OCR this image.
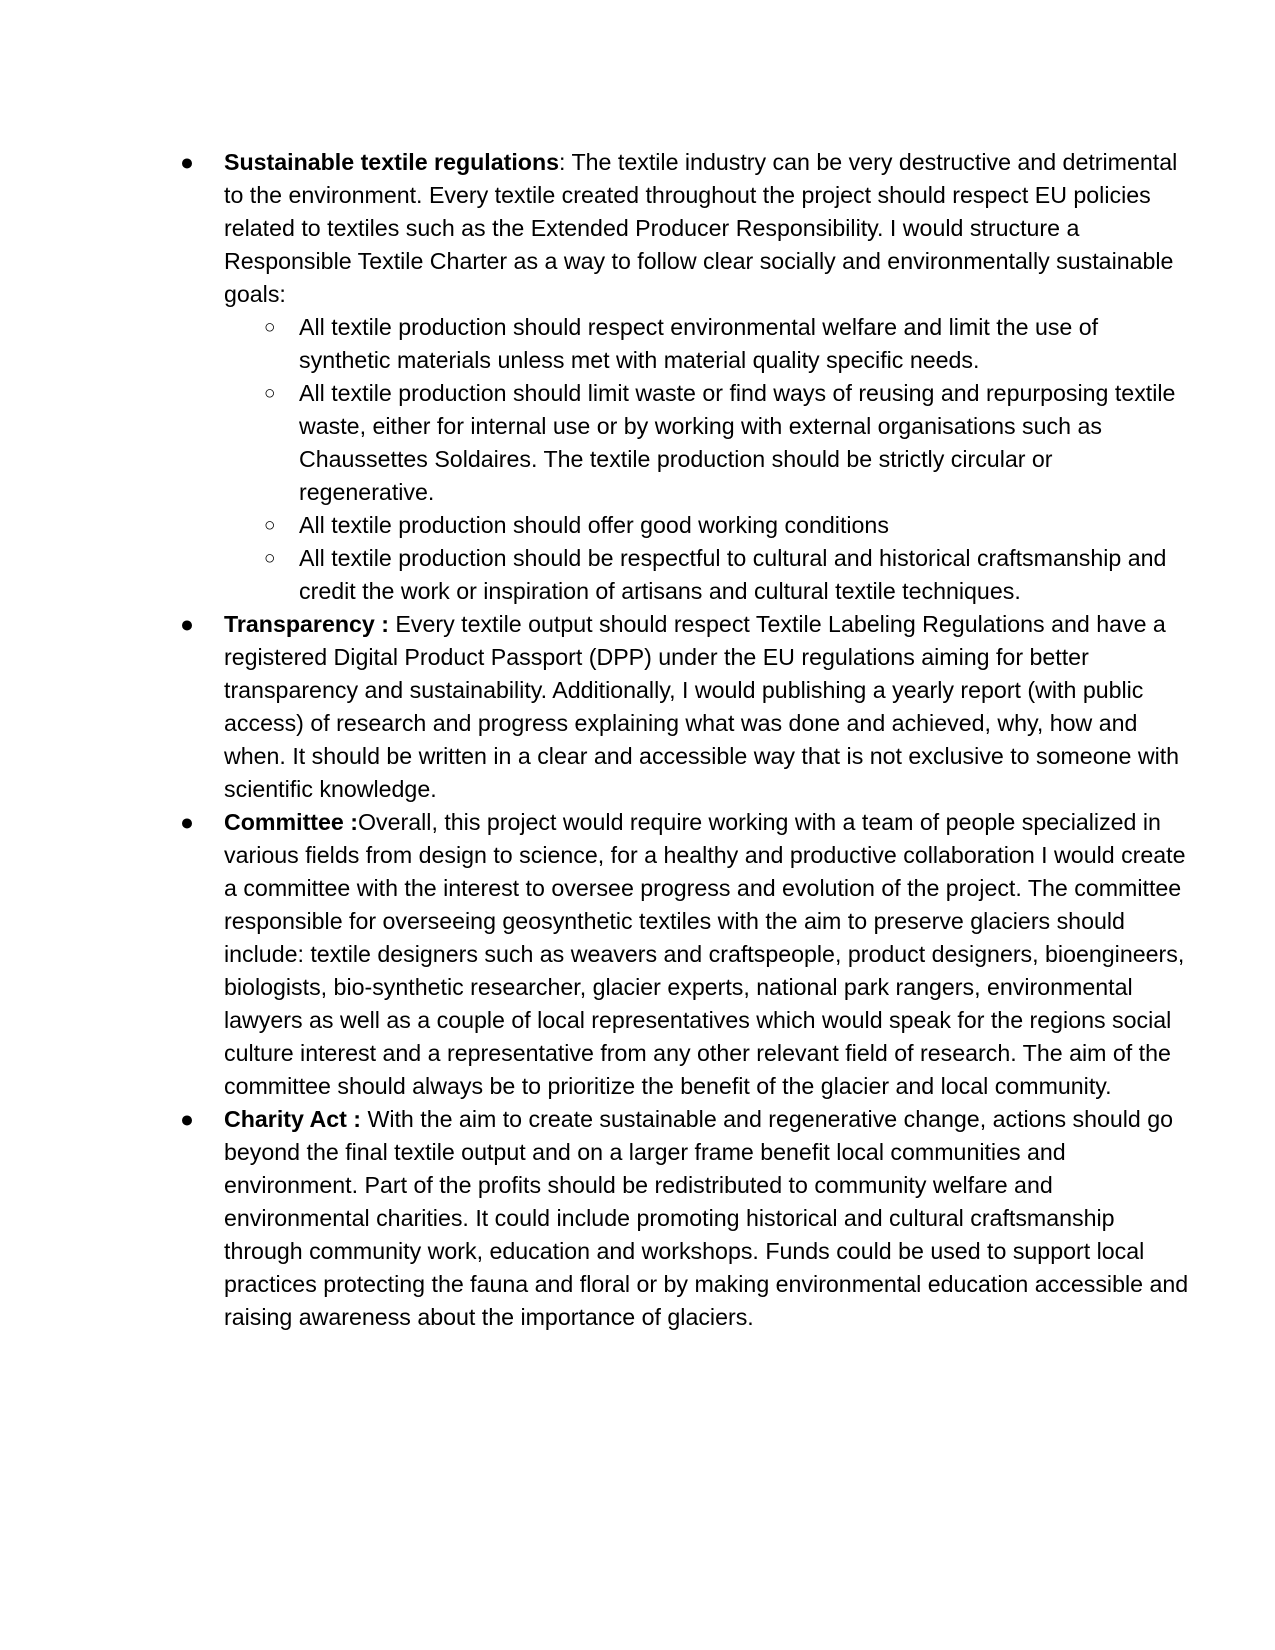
● Sustainable textile regulations: The textile industry can be very destructive and detrimental to the environment. Every textile created throughout the project should respect EU policies related to textiles such as the Extended Producer Responsibility. I would structure a Responsible Textile Charter as a way to follow clear socially and environmentally sustainable goals:
○	All textile production should respect environmental welfare and limit the use of synthetic materials unless met with material quality specific needs.
○	All textile production should limit waste or find ways of reusing and repurposing textile waste, either for internal use or by working with external organisations such as Chaussettes Soldaires. The textile production should be strictly circular or regenerative.
○	All textile production should offer good working conditions
○	All textile production should be respectful to cultural and historical craftsmanship and credit the work or inspiration of artisans and cultural textile techniques.
● Transparency : Every textile output should respect Textile Labeling Regulations and have a registered Digital Product Passport (DPP) under the EU regulations aiming for better transparency and sustainability. Additionally, I would publishing a yearly report (with public access) of research and progress explaining what was done and achieved, why, how and when. It should be written in a clear and accessible way that is not exclusive to someone with scientific knowledge.
● Committee :Overall, this project would require working with a team of people specialized in various fields from design to science, for a healthy and productive collaboration I would create a committee with the interest to oversee progress and evolution of the project. The committee responsible for overseeing geosynthetic textiles with the aim to preserve glaciers should include: textile designers such as weavers and craftspeople, product designers, bioengineers, biologists, bio-synthetic researcher, glacier experts, national park rangers, environmental lawyers as well as a couple of local representatives which would speak for the regions social culture interest and a representative from any other relevant field of research. The aim of the committee should always be to prioritize the benefit of the glacier and local community.
● Charity Act : With the aim to create sustainable and regenerative change, actions should go beyond the final textile output and on a larger frame benefit local communities and environment. Part of the profits should be redistributed to community welfare and environmental charities. It could include promoting historical and cultural craftsmanship through community work, education and workshops. Funds could be used to support local practices protecting the fauna and floral or by making environmental education accessible and raising awareness about the importance of glaciers.
